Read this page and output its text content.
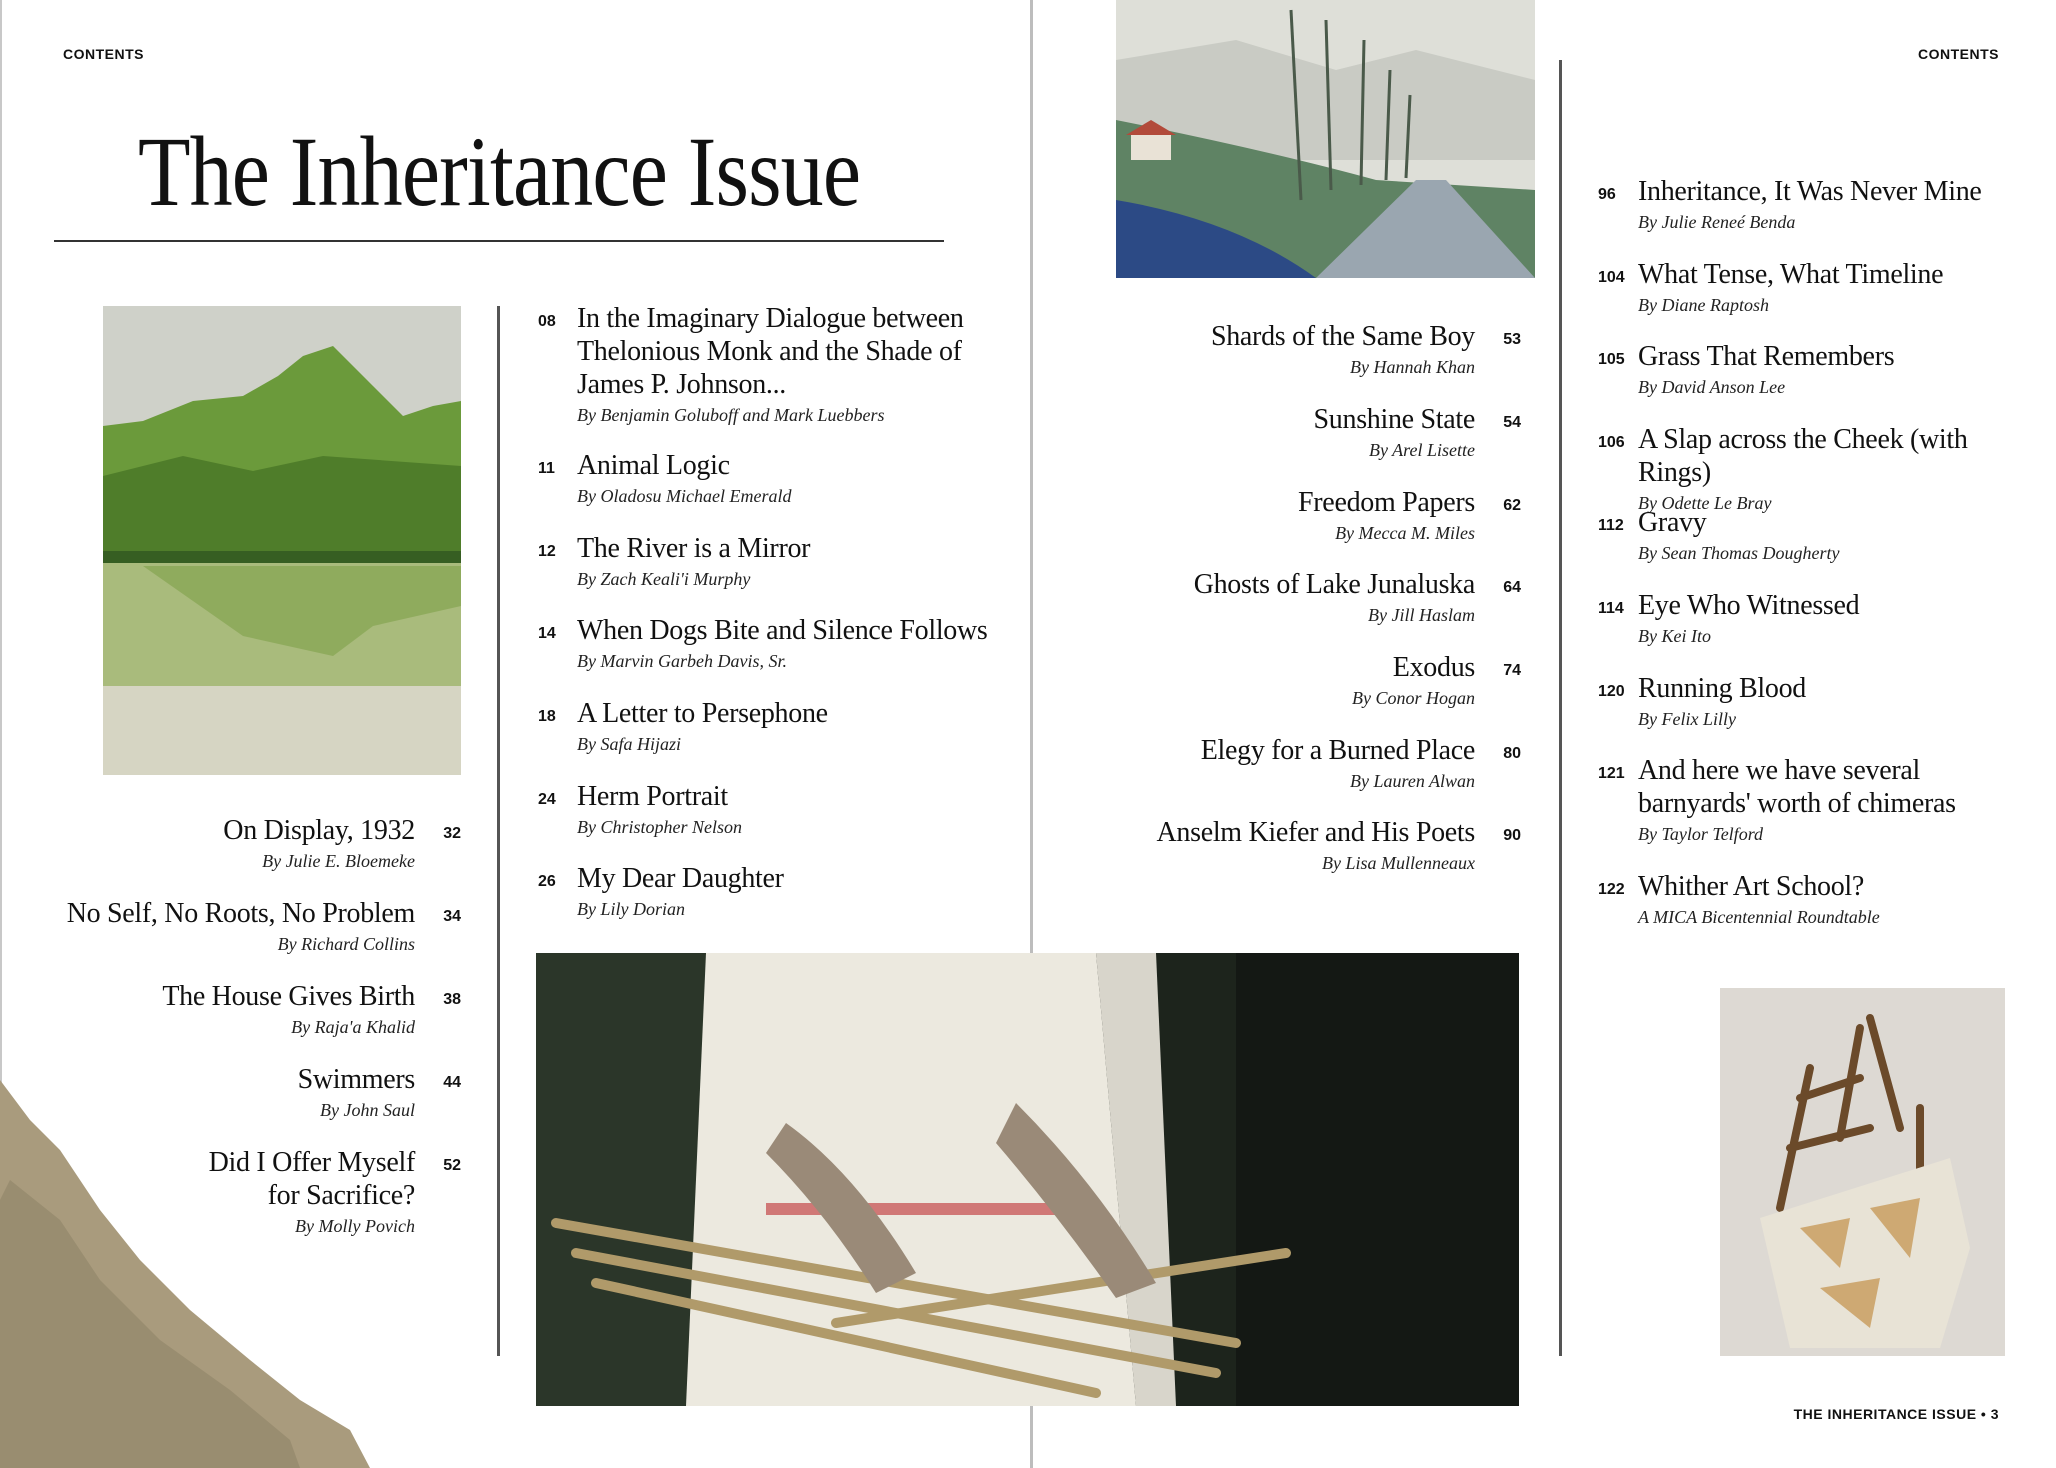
CONTENTS
The Inheritance Issue
On Display, 1932
By Julie E. Bloemeke
32
No Self, No Roots, No Problem
By Richard Collins
34
The House Gives Birth
By Raja'a Khalid
38
Swimmers
By John Saul
44
Did I Offer Myself
for Sacrifice?
By Molly Povich
52
08 In the Imaginary Dialogue between Thelonious Monk and the Shade of James P. Johnson...
By Benjamin Goluboff and Mark Luebbers
11 Animal Logic
By Oladosu Michael Emerald
12 The River is a Mirror
By Zach Keali'i Murphy
14 When Dogs Bite and Silence Follows
By Marvin Garbeh Davis, Sr.
18 A Letter to Persephone
By Safa Hijazi
24 Herm Portrait
By Christopher Nelson
26 My Dear Daughter
By Lily Dorian
CONTENTS
THE INHERITANCE ISSUE • 3
Shards of the Same Boy
By Hannah Khan
53
Sunshine State
By Arel Lisette
54
Freedom Papers
By Mecca M. Miles
62
Ghosts of Lake Junaluska
By Jill Haslam
64
Exodus
By Conor Hogan
74
Elegy for a Burned Place
By Lauren Alwan
80
Anselm Kiefer and His Poets
By Lisa Mullenneaux
90
96 Inheritance, It Was Never Mine
By Julie Reneé Benda
104 What Tense, What Timeline
By Diane Raptosh
105 Grass That Remembers
By David Anson Lee
106 A Slap across the Cheek (with Rings)
By Odette Le Bray
112 Gravy
By Sean Thomas Dougherty
114 Eye Who Witnessed
By Kei Ito
120 Running Blood
By Felix Lilly
121 And here we have several barnyards' worth of chimeras
By Taylor Telford
122 Whither Art School?
A MICA Bicentennial Roundtable
